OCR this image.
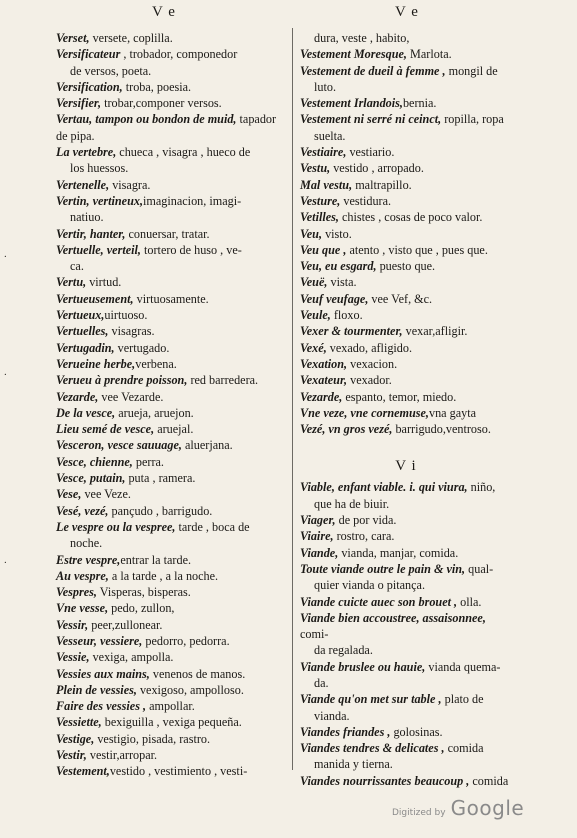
V e	V e
Verset, versete, coplilla.
Versificateur , trobador, componedor
de versos, poeta.
Versification, troba, poesia.
Versifier, trobar,componer versos.
Vertau, tampon ou bondon de muid, tapador de pipa.
La vertebre, chueca , visagra , hueco de
los huessos.
Vertenelle, visagra.
Vertin, vertineux,imaginacion, imagi-
natiuo.
Vertir, hanter, conuersar, tratar.
Vertuelle, verteil, tortero de huso , ve-
ca.
Vertu, virtud.
Vertueusement, virtuosamente.
Vertueux,uirtuoso.
Vertuelles, visagras.
Vertugadin, vertugado.
Verueine herbe,verbena.
Verueu à prendre poisson, red barredera.
Vezarde, vee Vezarde.
De la vesce, arueja, aruejon.
Lieu semé de vesce, aruejal.
Vesceron, vesce sauuage, aluerjana.
Vesce, chienne, perra.
Vesce, putain, puta , ramera.
Vese, vee Veze.
Vesé, vezé, pançudo , barrigudo.
Le vespre ou la vespree, tarde , boca de
noche.
Estre vespre,entrar la tarde.
Au vespre, a la tarde , a la noche.
Vespres, Visperas, bisperas.
Vne vesse, pedo, zullon,
Vessir, peer,zullonear.
Vesseur, vessiere, pedorro, pedorra.
Vessie, vexiga, ampolla.
Vessies aux mains, venenos de manos.
Plein de vessies, vexigoso, ampolloso.
Faire des vessies , ampollar.
Vessiette, bexiguilla , vexiga pequeña.
Vestige, vestigio, pisada, rastro.
Vestir, vestir,arropar.
Vestement,vestido , vestimiento , vesti-
dura, veste , habito,
Vestement Moresque, Marlota.
Vestement de dueil à femme , mongil de
luto.
Vestement Irlandois,bernia.
Vestement ni serré ni ceinct, ropilla, ropa
suelta.
Vestiaire, vestiario.
Vestu, vestido , arropado.
Mal vestu, maltrapillo.
Vesture, vestidura.
Vetilles, chistes , cosas de poco valor.
Veu, visto.
Veu que , atento , visto que , pues que.
Veu, eu esgard, puesto que.
Veuë, vista.
Veuf veufage, vee Vef, &c.
Veule, floxo.
Vexer & tourmenter, vexar,afligir.
Vexé, vexado, afligido.
Vexation, vexacion.
Vexateur, vexador.
Vezarde, espanto, temor, miedo.
Vne veze, vne cornemuse,vna gayta
Vezé, vn gros vezé, barrigudo,ventroso.
V i
Viable, enfant viable. i. qui viura, niño,
que ha de biuir.
Viager, de por vida.
Viaire, rostro, cara.
Viande, vianda, manjar, comida.
Toute viande outre le pain & vin, qual-
quier vianda o pitança.
Viande cuicte auec son brouet , olla.
Viande bien accoustree, assaisonnee, comi-
da regalada.
Viande bruslee ou hauie, vianda quema-
da.
Viande qu'on met sur table , plato de
vianda.
Viandes friandes , golosinas.
Viandes tendres & delicates , comida
manida y tierna.
Viandes nourrissantes beaucoup , comida
.
.
.
Digitized by Google
